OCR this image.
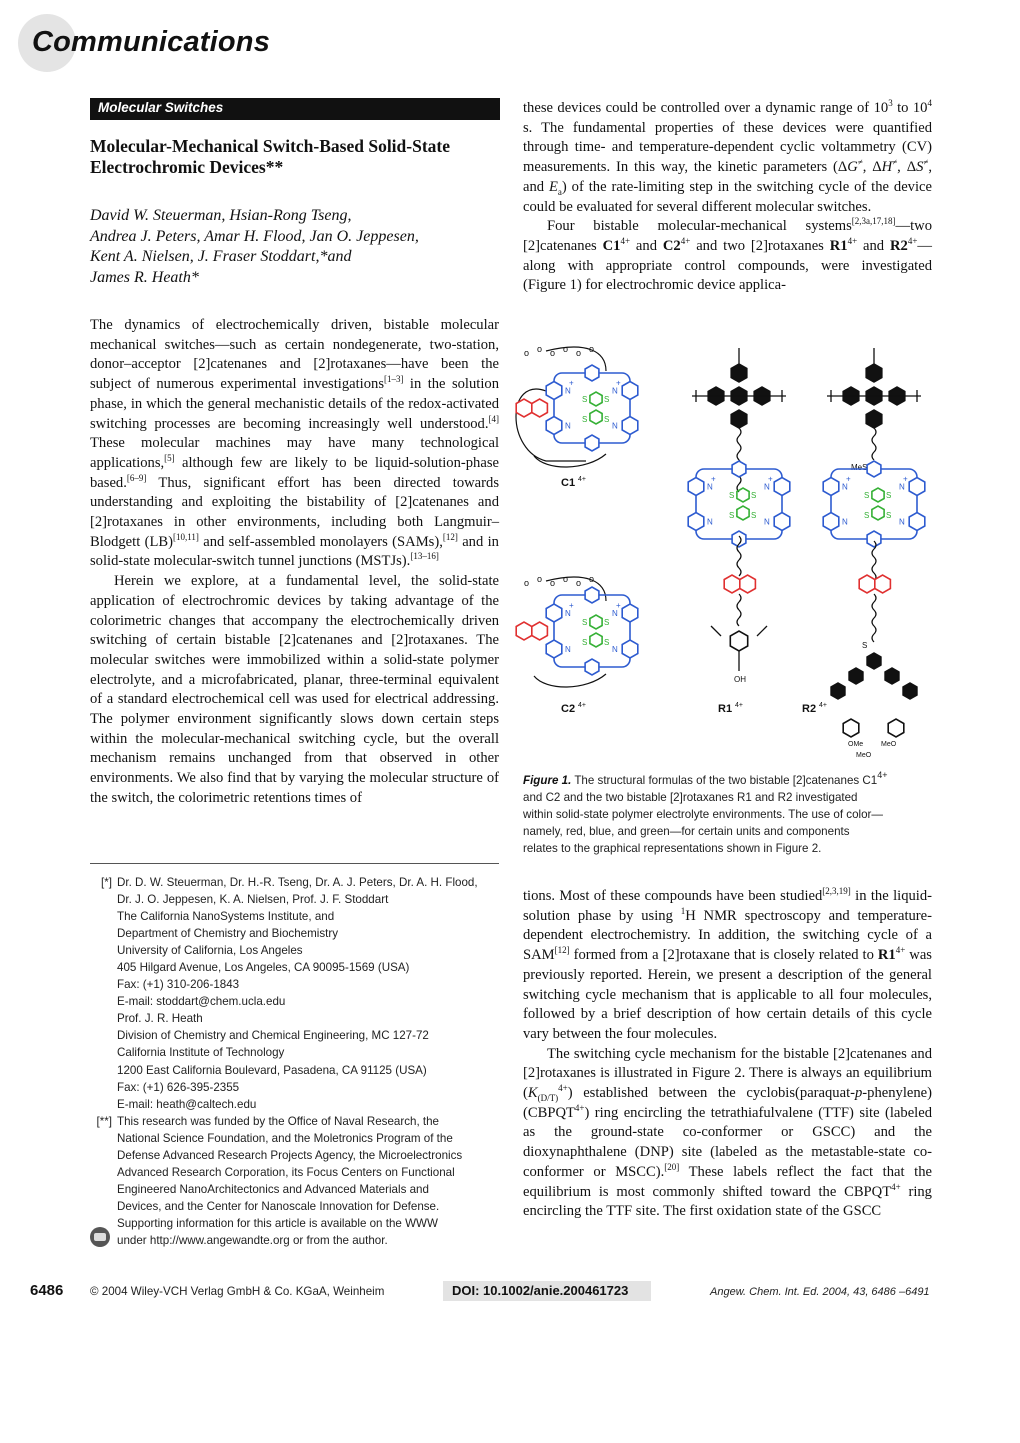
Communications
Molecular Switches
Molecular-Mechanical Switch-Based Solid-State
Electrochromic Devices**
David W. Steuerman, Hsian-Rong Tseng,
Andrea J. Peters, Amar H. Flood, Jan O. Jeppesen,
Kent A. Nielsen, J. Fraser Stoddart,*and
James R. Heath*

The dynamics of electrochemically driven, bistable molecular mechanical switches—such as certain nondegenerate, two-station, donor–acceptor [2]catenanes and [2]rotaxanes—have been the subject of numerous experimental investigations[1–3] in the solution phase, in which the general mechanistic details of the redox-activated switching processes are becoming increasingly well understood.[4] These molecular machines may have many technological applications,[5] although few are likely to be liquid-solution-phase based.[6–9] Thus, significant effort has been directed towards understanding and exploiting the bistability of [2]catenanes and [2]rotaxanes in other environments, including both Langmuir–Blodgett (LB)[10,11] and self-assembled monolayers (SAMs),[12] and in solid-state molecular-switch tunnel junctions (MSTJs).[13–16]

Herein we explore, at a fundamental level, the solid-state application of electrochromic devices by taking advantage of the colorimetric changes that accompany the electrochemically driven switching of certain bistable [2]catenanes and [2]rotaxanes. The molecular switches were immobilized within a solid-state polymer electrolyte, and a microfabricated, planar, three-terminal equivalent of a standard electrochemical cell was used for electrical addressing. The polymer environment significantly slows down certain steps within the molecular-mechanical switching cycle, but the overall mechanism remains unchanged from that observed in other environments. We also find that by varying the molecular structure of the switch, the colorimetric retentions times of

these devices could be controlled over a dynamic range of $10^3$ to $10^4$ s. The fundamental properties of these devices were quantified through time- and temperature-dependent cyclic voltammetry (CV) measurements. In this way, the kinetic parameters (ΔG≠, ΔH≠, ΔS≠, and $E_a$) of the rate-limiting step in the switching cycle of the device could be evaluated for several different molecular switches.

Four bistable molecular-mechanical systems[2,3a,17,18]—two [2]catenanes $C1^{4+}$ and $C2^{4+}$ and two [2]rotaxanes $R1^{4+}$ and $R2^{4+}—along$ with appropriate control compounds, were investigated (Figure 1) for electrochromic device applica-

o o o o o o
N	N
N	N
+	+
S S
S S
C1 4+
o o o o o o
N	N
N	N
+	+
S S
S S
C2 4+
N	N
N	N
+	+
S S
S S
OH
R1 4+
MeS
N	N
N	N
+	+
S S
S S
S
OMe	MeO
MeO
R2 4+
Figure 1. The structural formulas of the two bistable [2]catenanes $C1^{4+}$
and C2 and the two bistable [2]rotaxanes R1 and R2 investigated
within solid-state polymer electrolyte environments. The use of color—
namely, red, blue, and green—for certain units and components
relates to the graphical representations shown in Figure 2.

tions. Most of these compounds have been studied[2,3,19] in the liquid-solution phase by using $^1$H NMR spectroscopy and temperature-dependent electrochemistry. In addition, the switching cycle of a SAM[12] formed from a [2]rotaxane that is closely related to $R1^{4+}$ was previously reported. Herein, we present a description of the general switching cycle mechanism that is applicable to all four molecules, followed by a brief description of how certain details of this cycle vary between the four molecules.

The switching cycle mechanism for the bistable [2]catenanes and [2]rotaxanes is illustrated in Figure 2. There is always an equilibrium $(K_{(D/T)}^{4+})$ established between the cyclobis(paraquat-p-phenylene) $(CBPQT^{4+})$ ring encircling the tetrathiafulvalene (TTF) site (labeled as the ground-state co-conformer or GSCC) and the dioxynaphthalene (DNP) site (labeled as the metastable-state co-conformer or MSCC).[20] These labels reflect the fact that the equilibrium is most commonly shifted toward the $CBPQT^{4+}$ ring encircling the TTF site. The first oxidation state of the GSCC

[*] Dr. D. W. Steuerman, Dr. H.-R. Tseng, Dr. A. J. Peters, Dr. A. H. Flood,
Dr. J. O. Jeppesen, K. A. Nielsen, Prof. J. F. Stoddart
The California NanoSystems Institute, and
Department of Chemistry and Biochemistry
University of California, Los Angeles
405 Hilgard Avenue, Los Angeles, CA 90095-1569 (USA)
Fax: (+1) 310-206-1843
E-mail: stoddart@chem.ucla.edu
Prof. J. R. Heath
Division of Chemistry and Chemical Engineering, MC 127-72
California Institute of Technology
1200 East California Boulevard, Pasadena, CA 91125 (USA)
Fax: (+1) 626-395-2355
E-mail: heath@caltech.edu
[**] This research was funded by the Office of Naval Research, the
National Science Foundation, and the Moletronics Program of the
Defense Advanced Research Projects Agency, the Microelectronics
Advanced Research Corporation, its Focus Centers on Functional
Engineered NanoArchitectonics and Advanced Materials and
Devices, and the Center for Nanoscale Innovation for Defense.
Supporting information for this article is available on the WWW
under http://www.angewandte.org or from the author.
6486 © 2004 Wiley-VCH Verlag GmbH & Co. KGaA, Weinheim	DOI: 10.1002/anie.200461723	Angew. Chem. Int. Ed. 2004, 43, 6486 –6491
